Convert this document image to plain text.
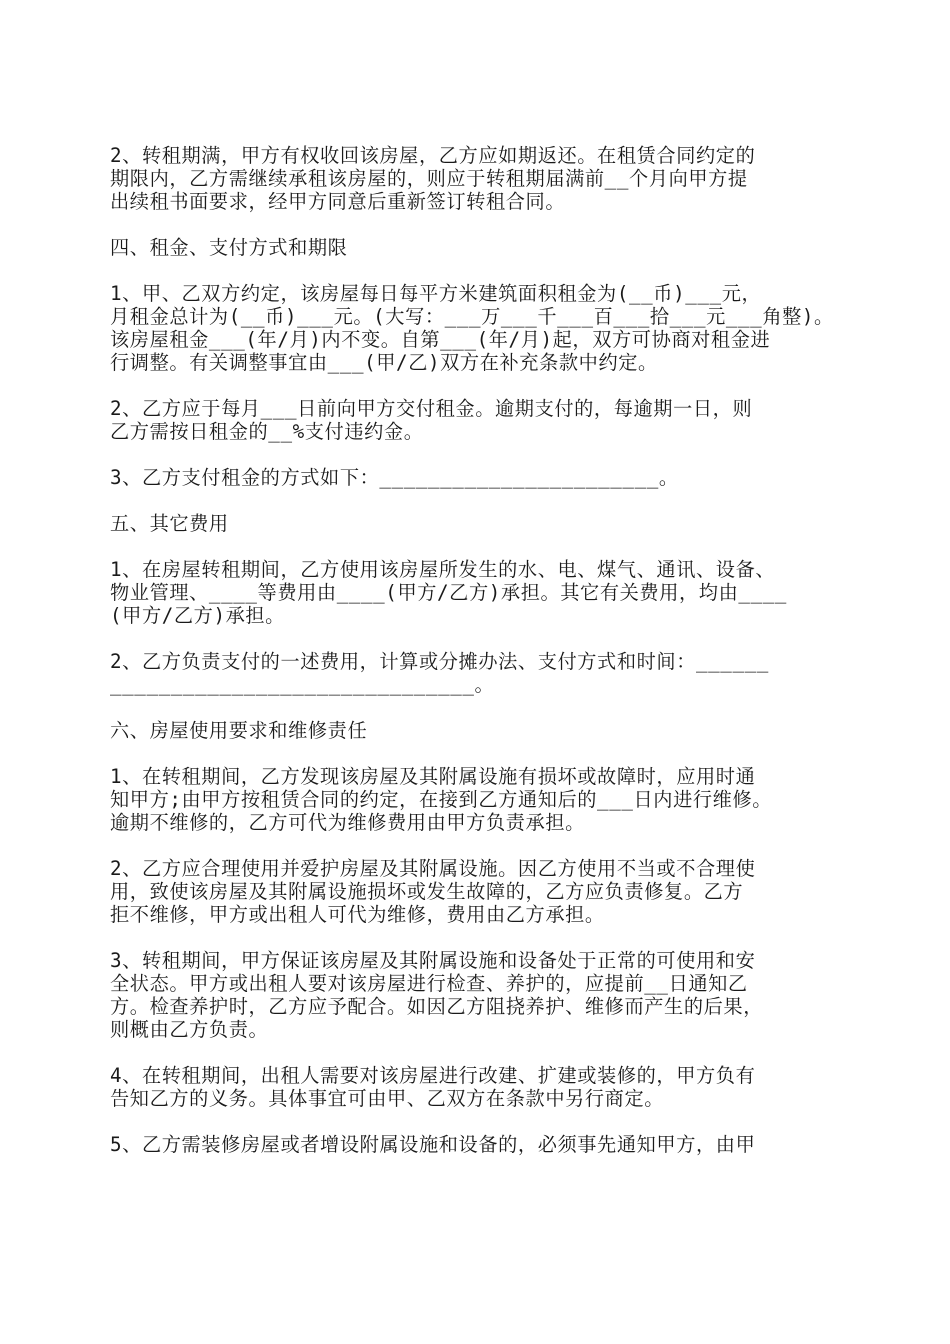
2、转租期满，甲方有权收回该房屋，乙方应如期返还。在租赁合同约定的
期限内，乙方需继续承租该房屋的，则应于转租期届满前__个月向甲方提
出续租书面要求，经甲方同意后重新签订转租合同。
四、租金、支付方式和期限
1、甲、乙双方约定，该房屋每日每平方米建筑面积租金为(__币)___元，
月租金总计为(__币)___元。(大写：___万___千___百___拾___元___角整)。
该房屋租金___(年/月)内不变。自第___(年/月)起，双方可协商对租金进
行调整。有关调整事宜由___(甲/乙)双方在补充条款中约定。
2、乙方应于每月___日前向甲方交付租金。逾期支付的，每逾期一日，则
乙方需按日租金的__%支付违约金。
3、乙方支付租金的方式如下：_______________________。
五、其它费用
1、在房屋转租期间，乙方使用该房屋所发生的水、电、煤气、通讯、设备、
物业管理、____等费用由____(甲方/乙方)承担。其它有关费用，均由____
(甲方/乙方)承担。
2、乙方负责支付的一述费用，计算或分摊办法、支付方式和时间：______
______________________________。
六、房屋使用要求和维修责任
1、在转租期间，乙方发现该房屋及其附属设施有损坏或故障时，应用时通
知甲方;由甲方按租赁合同的约定，在接到乙方通知后的___日内进行维修。
逾期不维修的，乙方可代为维修费用由甲方负责承担。
2、乙方应合理使用并爱护房屋及其附属设施。因乙方使用不当或不合理使
用，致使该房屋及其附属设施损坏或发生故障的，乙方应负责修复。乙方
拒不维修，甲方或出租人可代为维修，费用由乙方承担。
3、转租期间，甲方保证该房屋及其附属设施和设备处于正常的可使用和安
全状态。甲方或出租人要对该房屋进行检查、养护的，应提前__日通知乙
方。检查养护时，乙方应予配合。如因乙方阻挠养护、维修而产生的后果，
则概由乙方负责。
4、在转租期间，出租人需要对该房屋进行改建、扩建或装修的，甲方负有
告知乙方的义务。具体事宜可由甲、乙双方在条款中另行商定。
5、乙方需装修房屋或者增设附属设施和设备的，必须事先通知甲方，由甲
